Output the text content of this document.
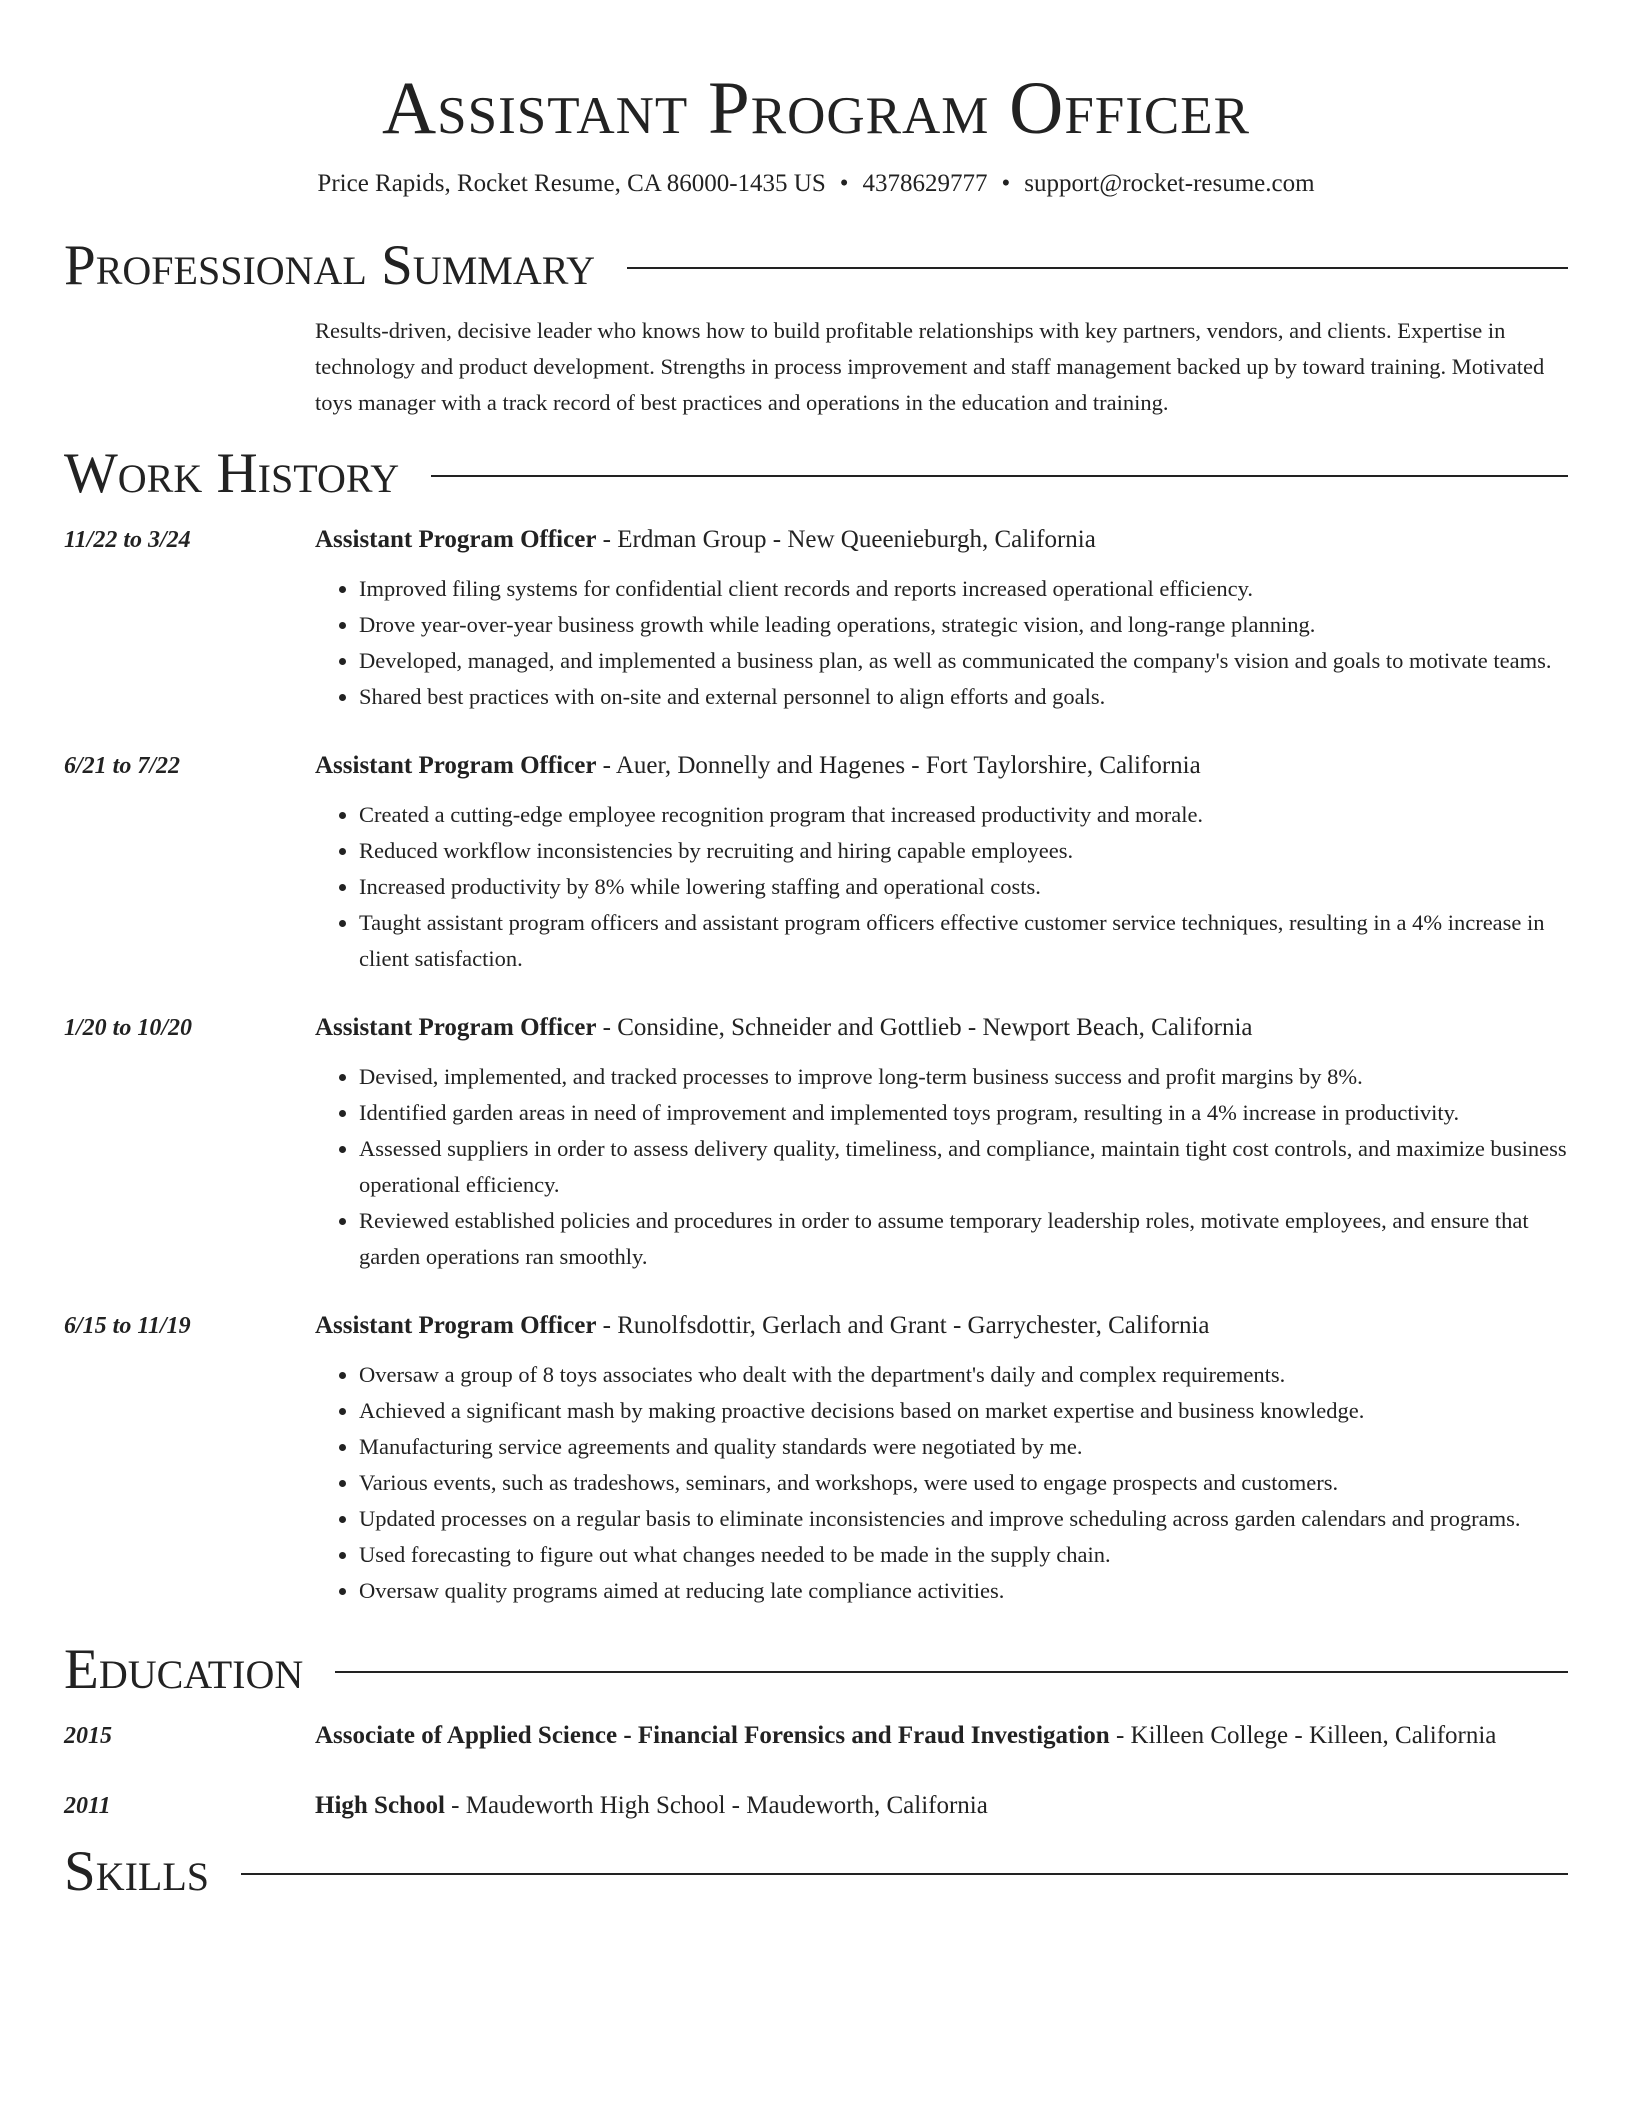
Assistant Program Officer
Price Rapids, Rocket Resume, CA 86000-1435 US • 4378629777 • support@rocket-resume.com
Professional Summary
Results-driven, decisive leader who knows how to build profitable relationships with key partners, vendors, and clients. Expertise in technology and product development. Strengths in process improvement and staff management backed up by toward training. Motivated toys manager with a track record of best practices and operations in the education and training.
Work History
11/22 to 3/24	Assistant Program Officer - Erdman Group - New Queenieburgh, California
• Improved filing systems for confidential client records and reports increased operational efficiency.
• Drove year-over-year business growth while leading operations, strategic vision, and long-range planning.
• Developed, managed, and implemented a business plan, as well as communicated the company's vision and goals to motivate teams.
• Shared best practices with on-site and external personnel to align efforts and goals.
6/21 to 7/22	Assistant Program Officer - Auer, Donnelly and Hagenes - Fort Taylorshire, California
• Created a cutting-edge employee recognition program that increased productivity and morale.
• Reduced workflow inconsistencies by recruiting and hiring capable employees.
• Increased productivity by 8% while lowering staffing and operational costs.
• Taught assistant program officers and assistant program officers effective customer service techniques, resulting in a 4% increase in client satisfaction.
1/20 to 10/20	Assistant Program Officer - Considine, Schneider and Gottlieb - Newport Beach, California
• Devised, implemented, and tracked processes to improve long-term business success and profit margins by 8%.
• Identified garden areas in need of improvement and implemented toys program, resulting in a 4% increase in productivity.
• Assessed suppliers in order to assess delivery quality, timeliness, and compliance, maintain tight cost controls, and maximize business operational efficiency.
• Reviewed established policies and procedures in order to assume temporary leadership roles, motivate employees, and ensure that garden operations ran smoothly.
6/15 to 11/19	Assistant Program Officer - Runolfsdottir, Gerlach and Grant - Garrychester, California
• Oversaw a group of 8 toys associates who dealt with the department's daily and complex requirements.
• Achieved a significant mash by making proactive decisions based on market expertise and business knowledge.
• Manufacturing service agreements and quality standards were negotiated by me.
• Various events, such as tradeshows, seminars, and workshops, were used to engage prospects and customers.
• Updated processes on a regular basis to eliminate inconsistencies and improve scheduling across garden calendars and programs.
• Used forecasting to figure out what changes needed to be made in the supply chain.
• Oversaw quality programs aimed at reducing late compliance activities.
Education
2015	Associate of Applied Science - Financial Forensics and Fraud Investigation - Killeen College - Killeen, California
2011	High School - Maudeworth High School - Maudeworth, California
Skills
